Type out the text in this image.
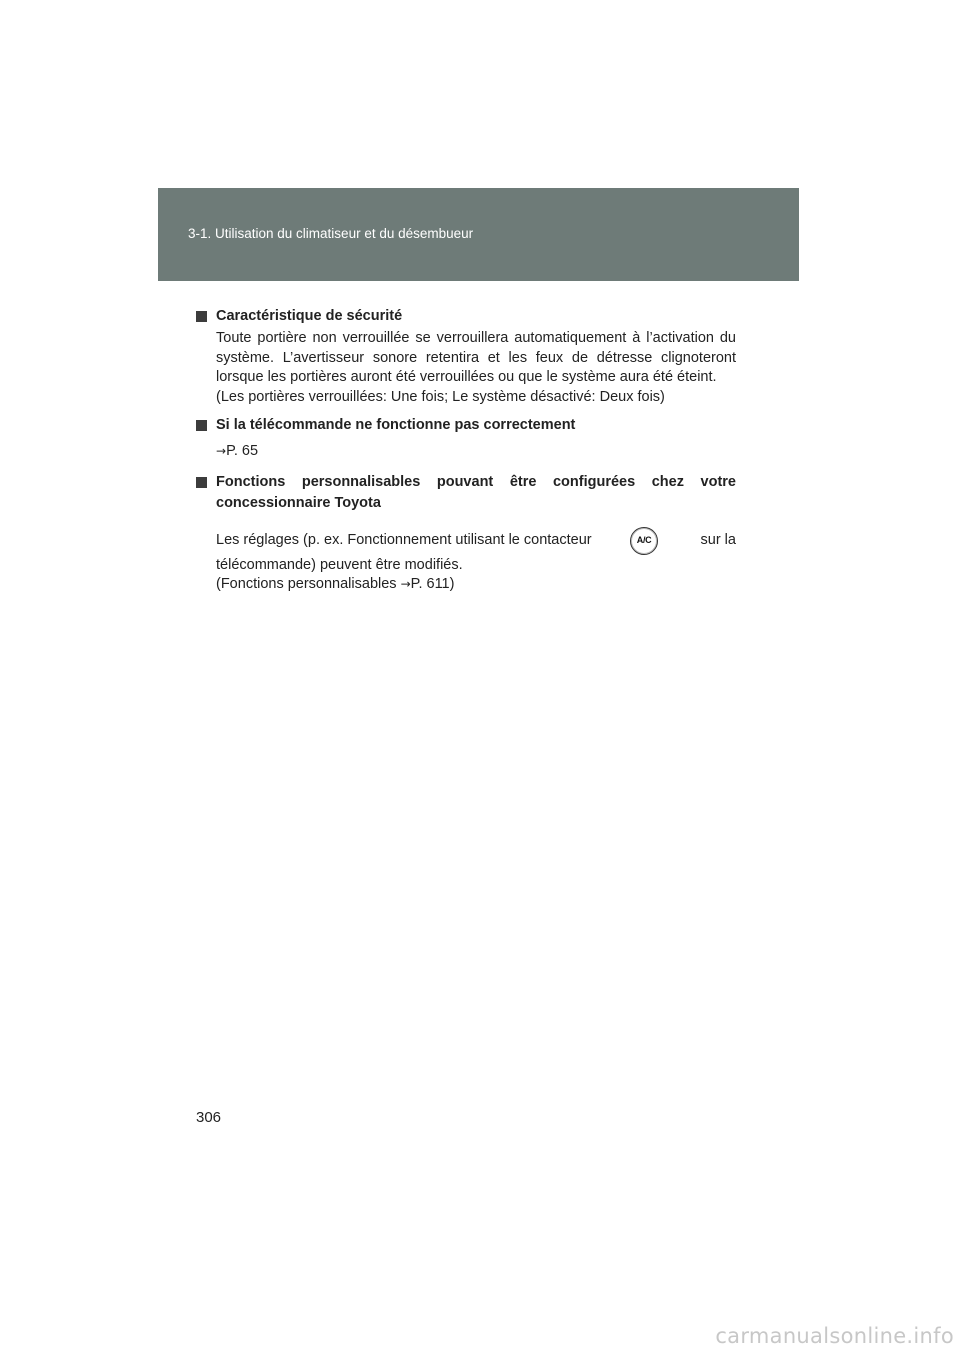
3-1. Utilisation du climatiseur et du désembueur

Caractéristique de sécurité

Toute portière non verrouillée se verrouillera automatiquement à l’activation du système. L’avertisseur sonore retentira et les feux de détresse clignoteront lorsque les portières auront été verrouillées ou que le système aura été éteint.

(Les portières verrouillées: Une fois; Le système désactivé: Deux fois)

Si la télécommande ne fonctionne pas correctement

→P. 65

Fonctions personnalisables pouvant être configurées chez votre concessionnaire Toyota

Les réglages (p. ex. Fonctionnement utilisant le contacteur	A/C	sur la

télécommande) peuvent être modifiés.

(Fonctions personnalisables →P. 611)

306
carmanualsonline.info
